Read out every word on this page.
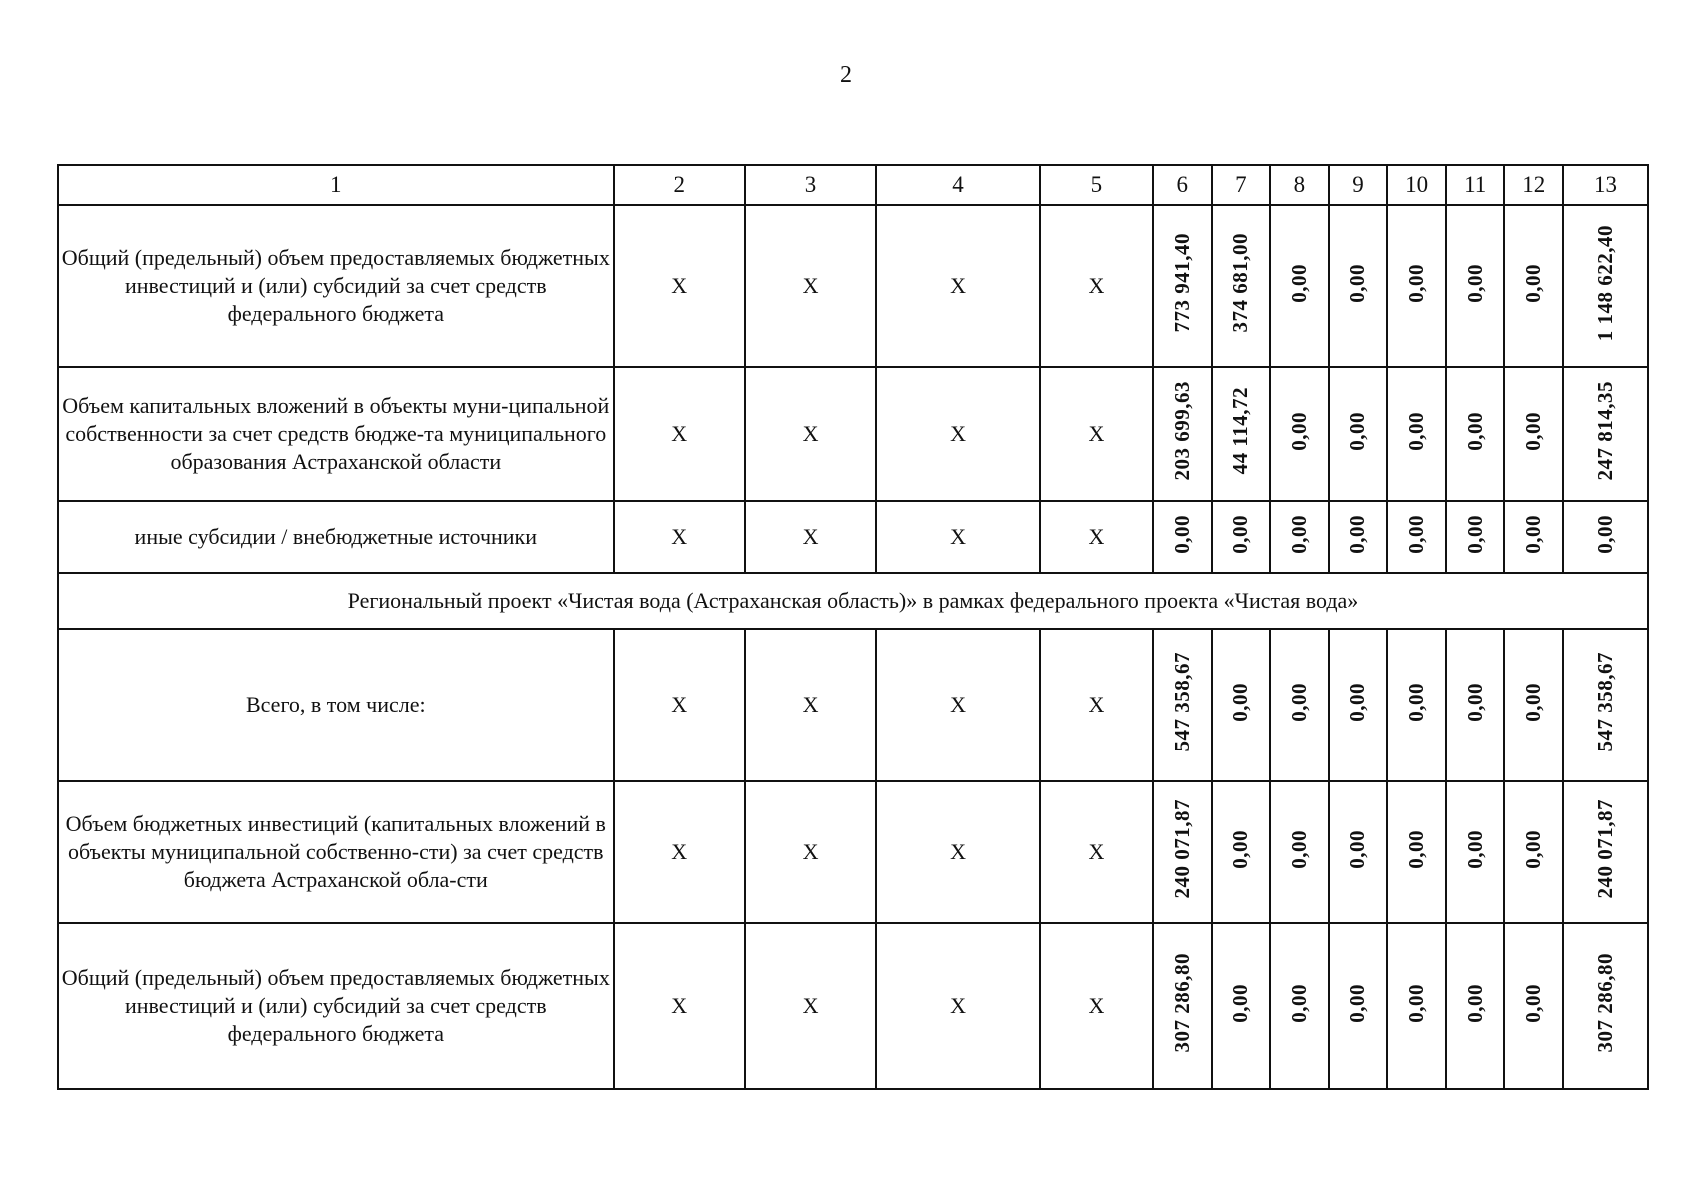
2
1	2	3	4	5	6	7	8	9	10	11	12	13
Общий (предельный) объем предоставляемых бюджетных инвестиций и (или) субсидий за счет средств федерального бюджета	X	X	X	X	773 941,40	374 681,00	0,00	0,00	0,00	0,00	0,00	1 148 622,40
Объем капитальных вложений в объекты муни-ципальной собственности за счет средств бюдже-та муниципального образования Астраханской области	X	X	X	X	203 699,63	44 114,72	0,00	0,00	0,00	0,00	0,00	247 814,35
иные субсидии / внебюджетные источники	X	X	X	X	0,00	0,00	0,00	0,00	0,00	0,00	0,00	0,00
Региональный проект «Чистая вода (Астраханская область)» в рамках федерального проекта «Чистая вода»												
Всего, в том числе:	X	X	X	X	547 358,67	0,00	0,00	0,00	0,00	0,00	0,00	547 358,67
Объем бюджетных инвестиций (капитальных вложений в объекты муниципальной собственно-сти) за счет средств бюджета Астраханской обла-сти	X	X	X	X	240 071,87	0,00	0,00	0,00	0,00	0,00	0,00	240 071,87
Общий (предельный) объем предоставляемых бюджетных инвестиций и (или) субсидий за счет средств федерального бюджета	X	X	X	X	307 286,80	0,00	0,00	0,00	0,00	0,00	0,00	307 286,80
